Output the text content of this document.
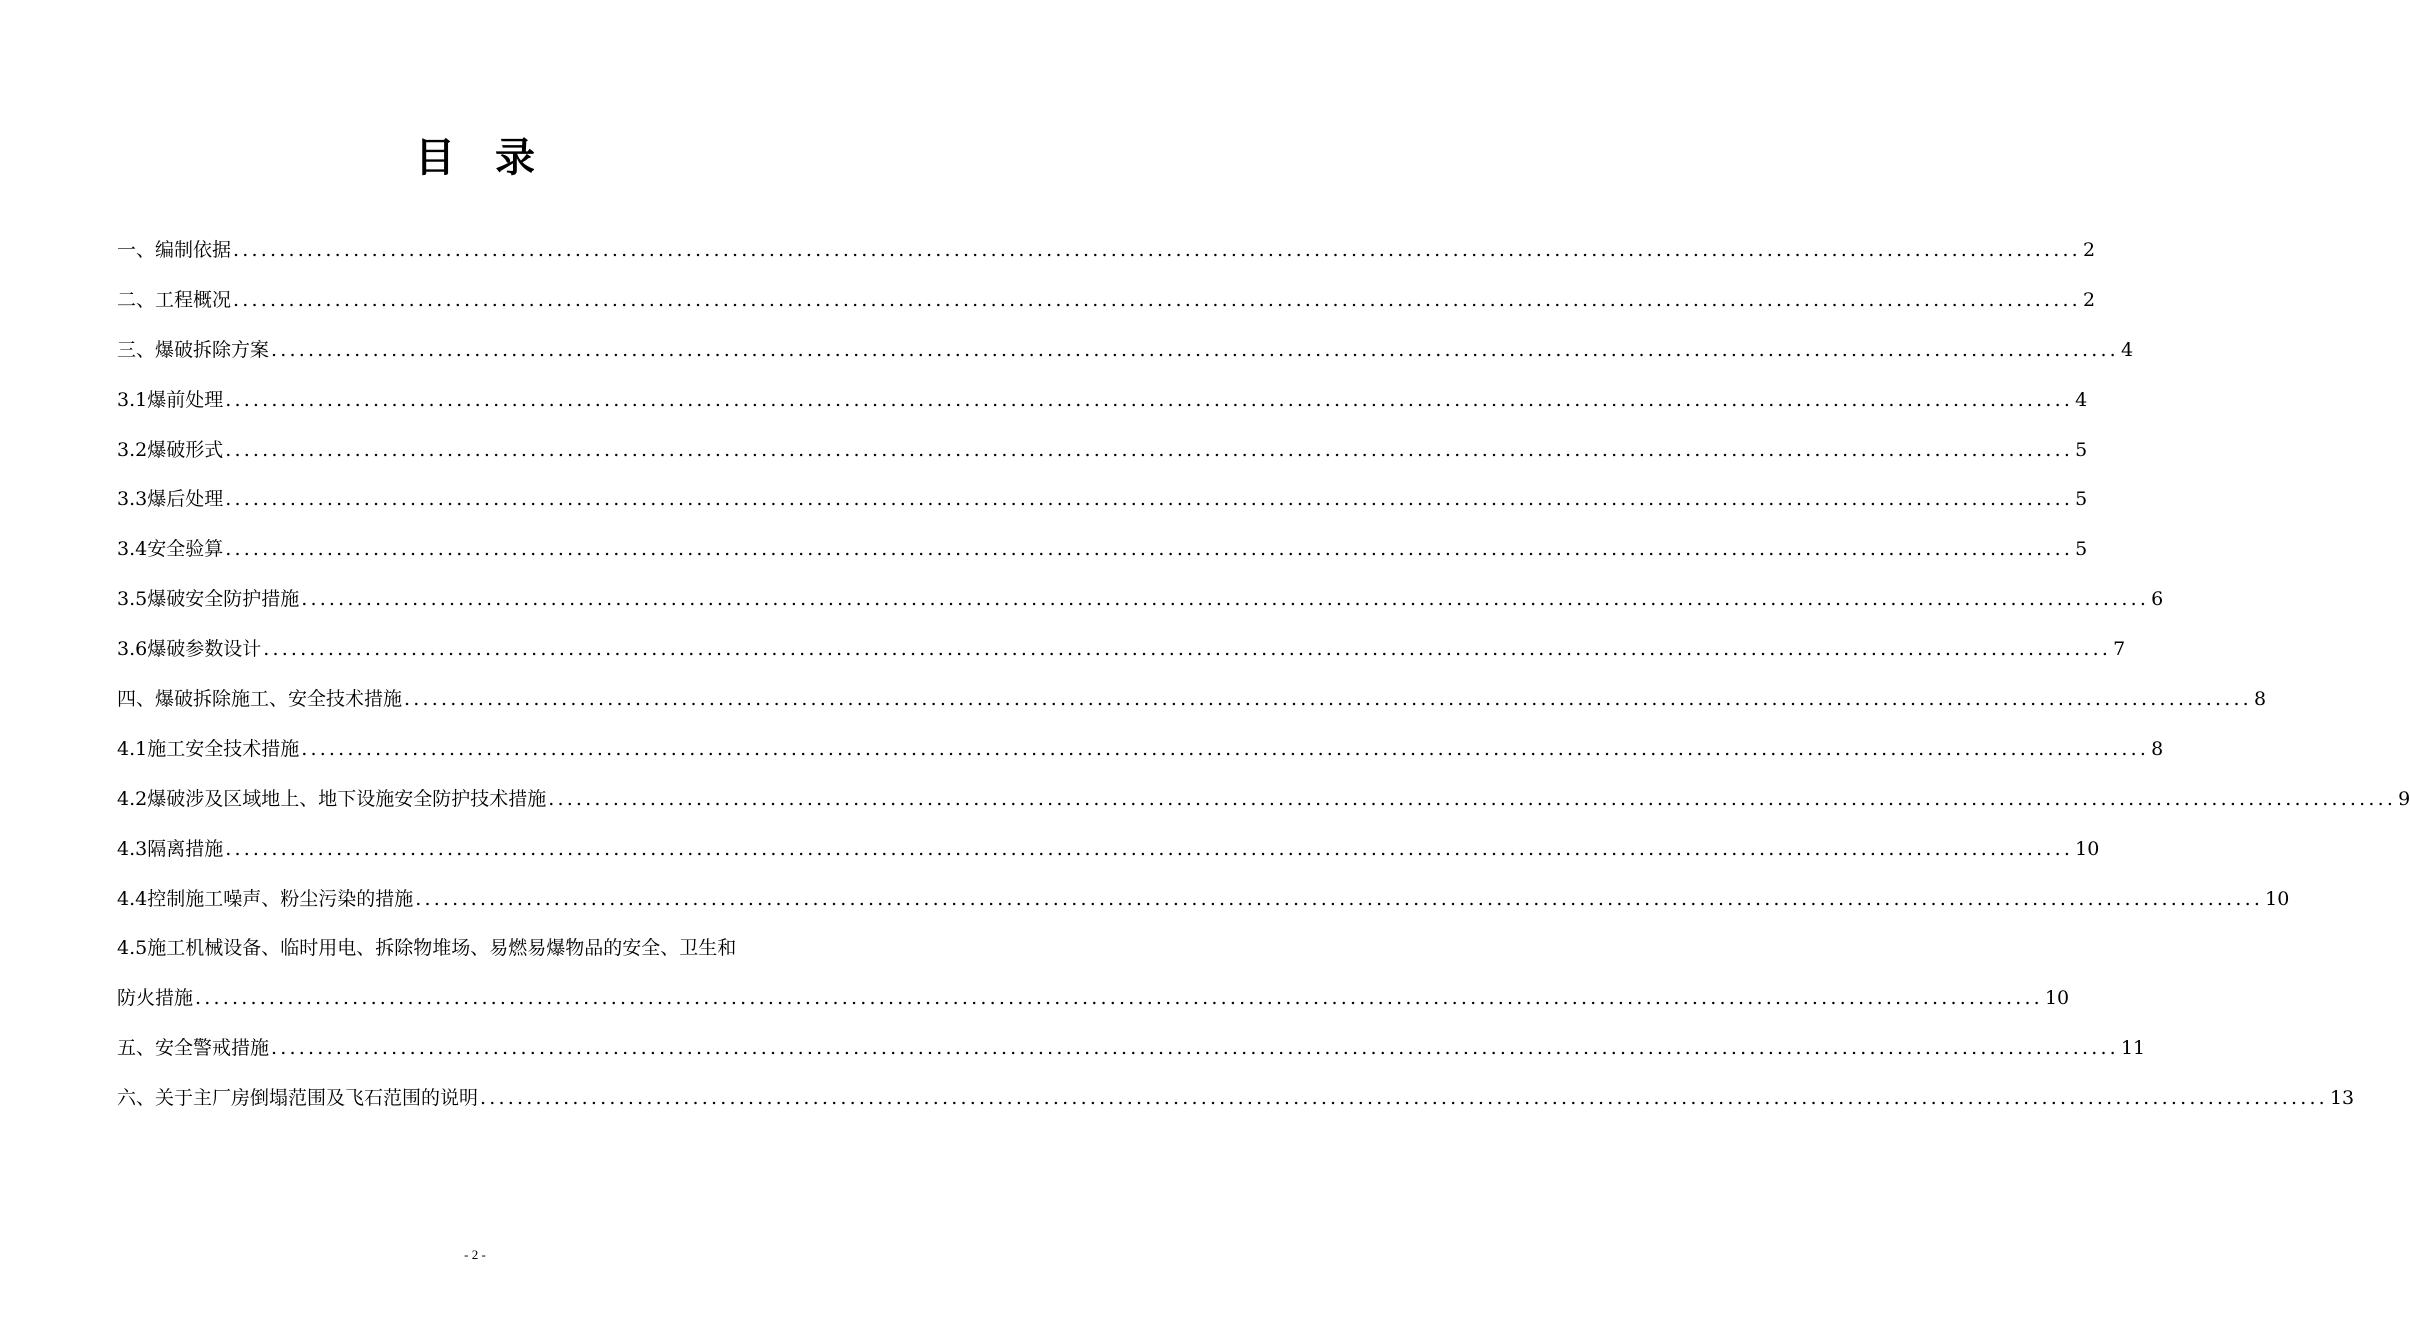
目录
一、编制依据 ........................................................................................................................................................................................................ 2
二、工程概况 ........................................................................................................................................................................................................ 2
三、爆破拆除方案 ........................................................................................................................................................................................................ 4
3.1爆前处理 ........................................................................................................................................................................................................ 4
3.2爆破形式 ........................................................................................................................................................................................................ 5
3.3爆后处理 ........................................................................................................................................................................................................ 5
3.4安全验算 ........................................................................................................................................................................................................ 5
3.5爆破安全防护措施 ........................................................................................................................................................................................................ 6
3.6爆破参数设计 ........................................................................................................................................................................................................ 7
四、爆破拆除施工、安全技术措施 ........................................................................................................................................................................................................ 8
4.1施工安全技术措施 ........................................................................................................................................................................................................ 8
4.2爆破涉及区域地上、地下设施安全防护技术措施 ........................................................................................................................................................................................................ 9
4.3隔离措施 ........................................................................................................................................................................................................ 10
4.4控制施工噪声、粉尘污染的措施 ........................................................................................................................................................................................................ 10
4.5施工机械设备、临时用电、拆除物堆场、易燃易爆物品的安全、卫生和
防火措施 ........................................................................................................................................................................................................ 10
五、安全警戒措施 ........................................................................................................................................................................................................ 11
六、关于主厂房倒塌范围及飞石范围的说明 ........................................................................................................................................................................................................ 13
- 2 -
